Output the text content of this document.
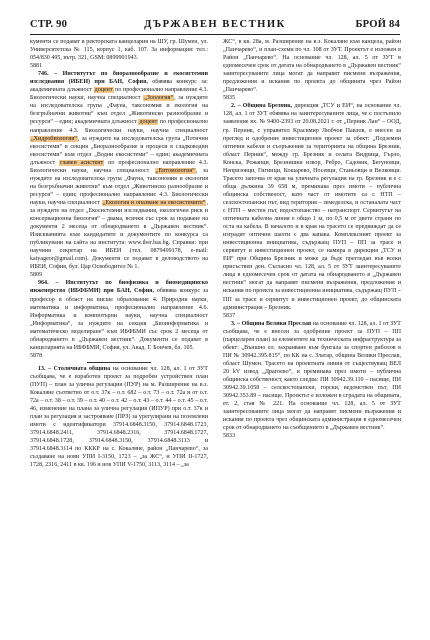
СТР. 90	ДЪРЖАВЕН ВЕСТНИК	БРОЙ 84

кументи се подават в ректорската канцелария на ШУ, гр. Шумен, ул. Университетска № 115, корпус 1, каб. 107. За информация: тел.: 054/830 495, вътр. 321, GSM: 0899901943.

5881

746. – Институтът по биоразнообразие и екосистемни изследвания (ИБЕИ) при БАН, София, обявява конкурс за: академичната длъжност доцент по професионално направление 4.3. Биологически науки, научна специалност „Зоология“, за нуждите на изследователска група „Фауна, таксономия и екология на безгръбначни животни“ към отдел „Животинско разнообразие и ресурси“ – един; академичната длъжност доцент по професионално направление 4.3. Биологически науки, научна специалност „Хидробиология“, за нуждите на изследователска група „Потични екосистеми“ в секция „Биоразнообразие и процеси в сладководни екосистеми“ към отдел „Водни екосистеми“ – един; академичната длъжност главен асистент по професионално направление 4.3. Биологически науки, научна специалност „Ентомология“, за нуждите на изследователска група „Фауна, таксономия и екология на безгръбначни животни“ към отдел „Животинско разнообразие и ресурси“ – един; професионално направление 4.3. Биологически науки, научна специалност „Екология и опазване на екосистемите“, за нуждите на отдел „Екосистемни изследвания, екологичен риск и консервационна биология“ – двама, всички със срок за подаване на документи 2 месеца от обнародването в „Държавен вестник“. Изискванията към кандидатите и документите по конкурса са публикувани на сайта на института: www.iber.bas.bg. Справки: при научния секретар на ИБЕИ (тел. 0879499178, e-mail: katyageor@gmail.com). Документи се подават в деловодството на ИБЕИ, София, бул. Цар Освободител № 1.

5809

964. – Институтът по биофизика и биомедицинско инженерство (ИБФБМИ) при БАН, София, обявява конкурс за професор в област на висше образование 4. Природни науки, математика и информатика, професионално направление 4.6. Информатика и компютърни науки, научна специалност „Информатика“, за нуждите на секция „Биоинформатика и математическо моделиране“ към ИБФБМИ със срок 2 месеца от обнародването в „Държавен вестник“. Документи се подават в канцеларията на ИБФБМИ, София, ул. Акад. Г. Бончев, бл. 105.

5878

13. – Столичната община на основание чл. 128, ал. 1 от ЗУТ съобщава, че е изработен проект за подробен устройствен план (ПУП) – план за улична регулация (ПУР) на м. Разширение на в.з. Кокаляне съответно от о.т. 37к – о.т. 682 – о.т. 73 – о.т. 72а и от о.т. 72а – о.т. 38 – о.т. 39 – о.т. 40 – о.т. 42 – о.т. 43 – о.т. 44 – о.т. 45 – о.т. 46, изменение на плана за улична регулация (ИПУР) при о.т. 37к и план за регулация и застрояване (ПРЗ) за урегулирани на поземлени имоти с идентификатори 37914.6848.3150, 37914.6848.1723, 37914.6848.2411, 37914.6848.2316, 37914.6848.1727, 37914.6848.1728, 37914.6848.3150, 37914.6848.3113 и 37914.6848.3114 по КККР на с. Кокаляне, район „Панчарево“, за създаване на нови УПИ I-3150, 1723 – „за ЖС“, и УПИ II-1727, 1728, 2316, 2411 в кв. 196 и нов УПИ V-1750, 3113, 3114 – „за

ЖС“, в кв. 28а, м. Разширение на в.з. Кокаляне към канцела, район „Панчарево“, и план-схеми по чл. 108 от ЗУТ. Проектът е изложен в Район „Панчарево“. На основание чл. 128, ал. 5 от ЗУТ в едномесечен срок от датата на обнародването в „Държавен вестник“ заинтересуваните лица могат да направят писмени възражения, предложения и искания по проекта до общинята чрез Район „Панчарево“.

5835

2. – Община Брезник, дирекция „ТСУ и ЕИ“, на основание чл. 128, ал. 1 от ЗУТ обявява на заинтересуваните лица, че с постъпило заявление вх. № 9400-2393 от 20.08.2021 г. от „Перник Лан“ – ООД, гр. Перник, с управител Красимир Любчов Павлов, е внесен за преглед и одобрение инвестиционен проект за обект: „Подземни оптични кабели и съоръжения за територията на община Брезник, област Перник“, между гр. Брезник и селата Видрица, Гърло, Конска, Режанци, Брезнишки извор, Ребро, Садовик, Бегуновци, Непризовци, Гигинци, Кошарево, Носевци, Станьовци и Велковци. Трасето започва от края на уличната регулация на гр. Брезник и е с обща дължина 39 658 м, преминава през имоти – публична общинска собственост, като част от имотите са с НТП – селскостопански път, вид територия – земеделска, и останалата част с НТП – местен път, водостопанство – натранспорт. Сервитутът на оптичната кабелна линия е общо 1 м, по 0,5 м от двете страни по оста на кабела. В началото и в края на трасето се предвиждат да се изградят оптични шахти с два капака. Комплексният проект за инвестиционна инициатива, съдържащ ПУП – ПП за трасе и сервитут и инвестиционен проект, се намира в дирекция „ТСУ и ЕИ“ при Община Брезник и може да бъде прегледан във всеки присъствен ден. Съгласно чл. 128, ал. 5 от ЗУТ заинтересуваните лица в едномесечен срок от датата на обнародването в „Държавен вестник“ могат да направят писмени възражения, предложения и искания по проекта за инвестиционна инициатива, съдържащ ПУП – ПП за трасе и сервитут и инвестиционен проект, до общинската администрация – Брезник.

5837

3. – Община Велики Преслав на основание чл. 128, ал. 1 от ЗУТ съобщава, че е внесен за одобрение проект за ПУП – ПП (парцеларен план) за елементите на техническата инфраструктура за обект: „Външно ел. захранване към бунгала за спортен риболов в ПИ № 30942.395.815“, по КК на с. Златар, община Велики Преслав, област Шумен. Трасето на проектната линия от съществуващ ВЕЛ 20 kV извод „Драгоево“, и преминава през имоти – публична общинска собственост, както следва: ПИ 30942.39.110 – пасище, ПИ 30942.39.1058 – селскостопански, горски, ведомствен път, ПИ 30942.353.89 – пасище. Проектът е изложен в сградата на общината, ет. 2, стая № 221. На основание чл. 128, ал. 5 от ЗУТ заинтересованите лица могат да направят писмени възражения и искания по проекта чрез общинската администрация в едномесечен срок от обнародването на съобщението в „Държавен вестник“.

5833
